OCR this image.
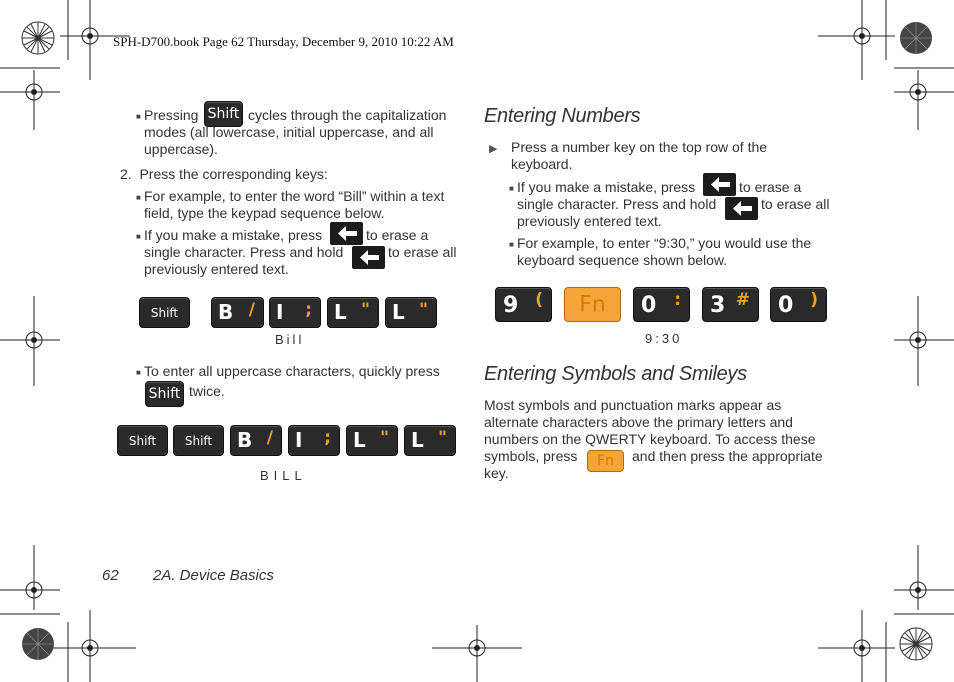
SPH-D700.book Page 62 Thursday, December 9, 2010 10:22 AM
■ Pressing Shift cycles through the capitalization
modes (all lowercase, initial uppercase, and all
uppercase).
2.  Press the corresponding keys:
■ For example, to enter the word “Bill” within a text
field, type the keypad sequence below.
■ If you make a mistake, press	to erase a
single character. Press and hold	to erase all
previously entered text.
Shift	B / I ; L " L "
Bill
■ To enter all uppercase characters, quickly press
Shift twice.
Shift	Shift	B / I ; L " L "
BILL
Entering Numbers
▶ Press a number key on the top row of the
keyboard.
■ If you make a mistake, press	to erase a
single character. Press and hold	to erase all
previously entered text.
■ For example, to enter “9:30,” you would use the
keyboard sequence shown below.
9 (	Fn	0 : 3 # 0 )
9:30
Entering Symbols and Smileys
Most symbols and punctuation marks appear as
alternate characters above the primary letters and
numbers on the QWERTY keyboard. To access these
symbols, press	Fn	and then press the appropriate
key.
62 2A. Device Basics
